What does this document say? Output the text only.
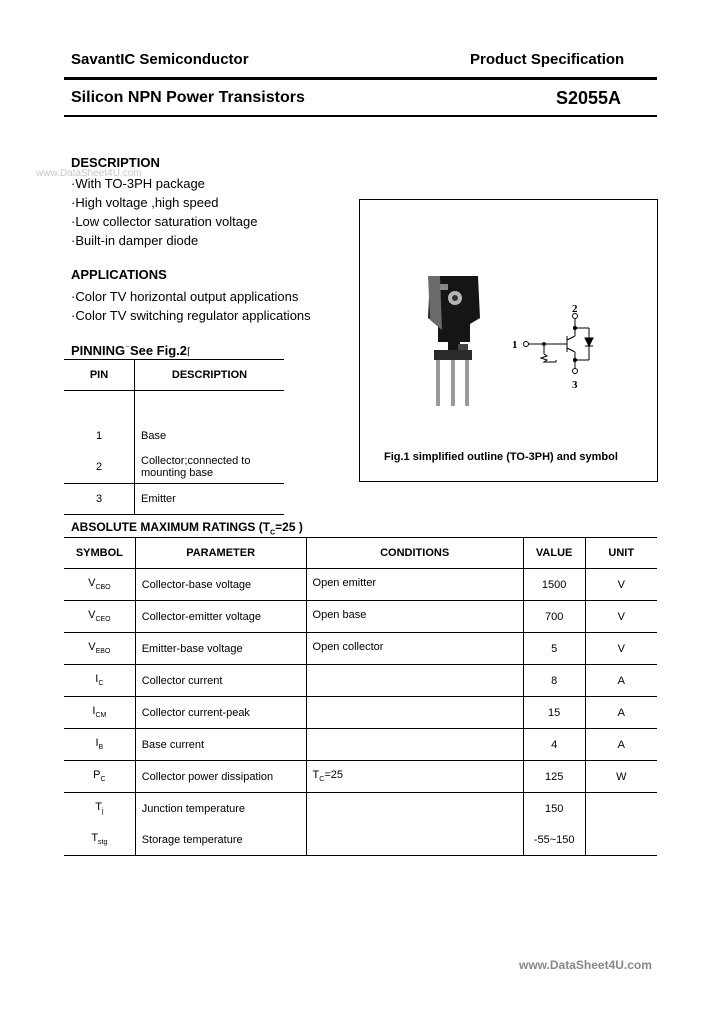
SavantIC Semiconductor	Product Specification
Silicon NPN Power Transistors	S2055A
www.DataSheet4U.com
DESCRIPTION
·With TO-3PH package
·High voltage ,high speed
·Low collector saturation voltage
·Built-in damper diode
APPLICATIONS
·Color TV horizontal output applications
·Color TV switching regulator applications
PINNING⁻See Fig.2⌈
PIN	DESCRIPTION

1	Base
2	Collector;connected to mounting base
3	Emitter
2
1
3
Fig.1 simplified outline (TO-3PH) and symbol
ABSOLUTE MAXIMUM RATINGS ($T_C=25$ )
SYMBOL	PARAMETER	CONDITIONS	VALUE	UNIT
$V_{CBO}$	Collector-base voltage	Open emitter	1500	V
$V_{CEO}$	Collector-emitter voltage	Open base	700	V
$V_{EBO}$	Emitter-base voltage	Open collector	5	V
$I_C$	Collector current		8	A
$I_{CM}$	Collector current-peak		15	A
$I_B$	Base current		4	A
$P_C$	Collector power dissipation	$T_C=25$	125	W
$T_j$	Junction temperature		150	
$T_{stg}$	Storage temperature		-55~150	
www.DataSheet4U.com
